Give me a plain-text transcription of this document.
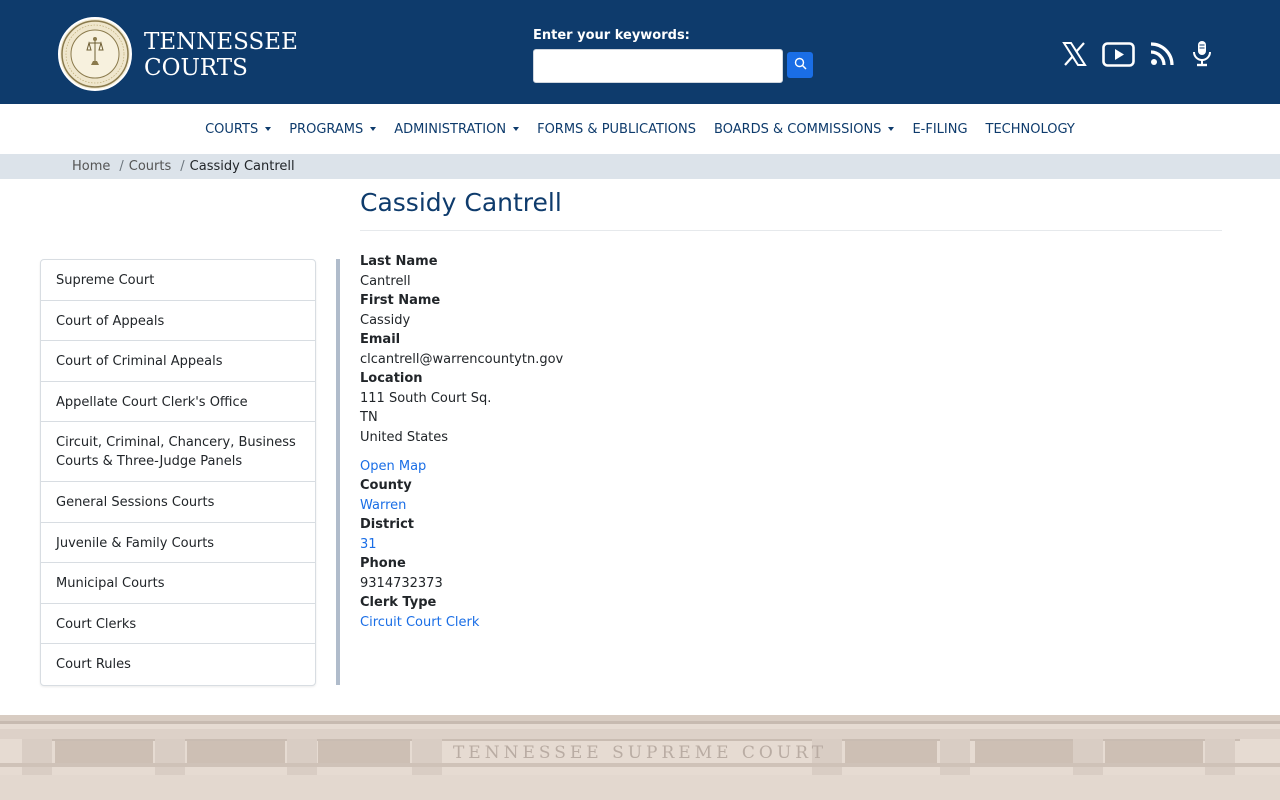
TENNESSEE
COURTS
Enter your keywords:
COURTS PROGRAMS ADMINISTRATION FORMS & PUBLICATIONS BOARDS & COMMISSIONS E-FILING TECHNOLOGY
Home / Courts / Cassidy Cantrell
Cassidy Cantrell
Supreme Court
Court of Appeals
Court of Criminal Appeals
Appellate Court Clerk's Office
Circuit, Criminal, Chancery, Business Courts & Three-Judge Panels
General Sessions Courts
Juvenile & Family Courts
Municipal Courts
Court Clerks
Court Rules
Last Name
Cantrell
First Name
Cassidy
Email
clcantrell@warrencountytn.gov
Location
111 South Court Sq.
TN
United States
Open Map
County
Warren
District
31
Phone
9314732373
Clerk Type
Circuit Court Clerk
TENNESSEE SUPREME COURT
